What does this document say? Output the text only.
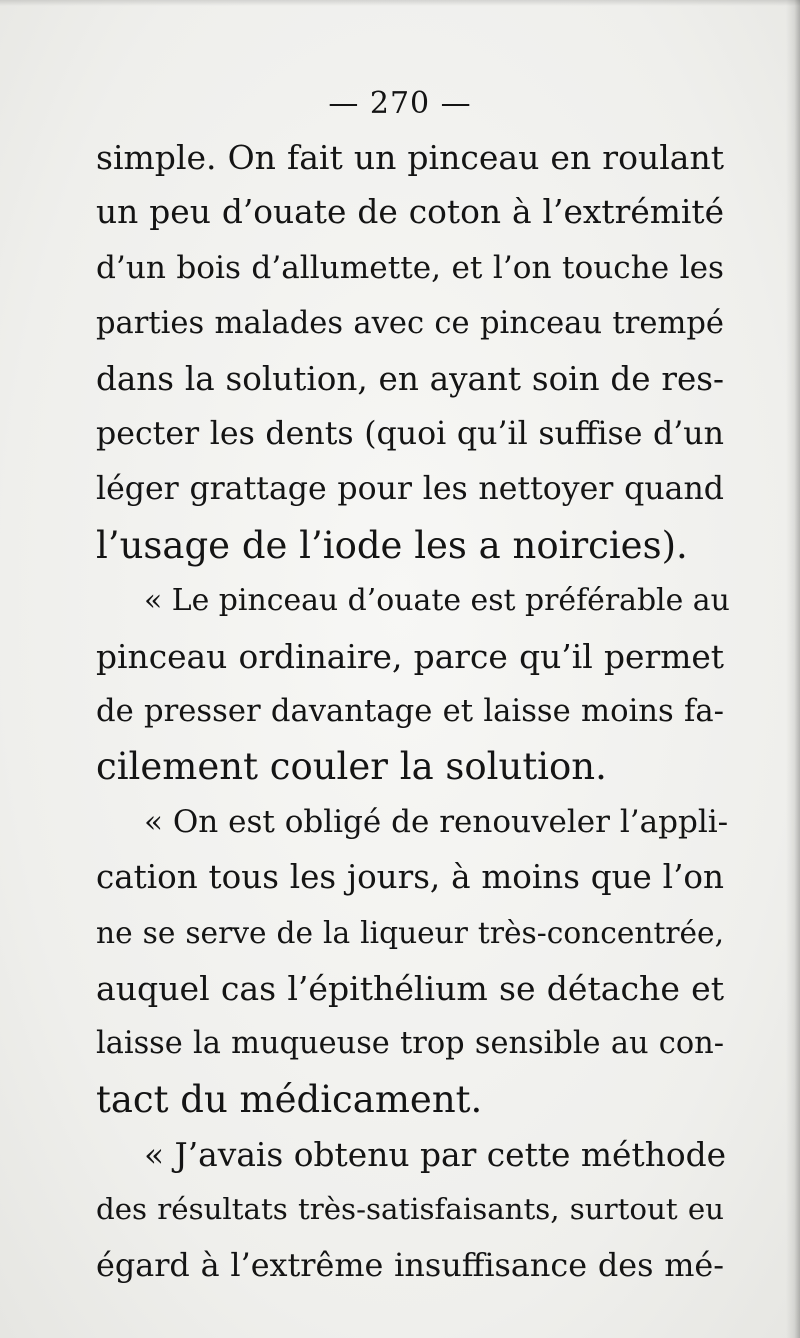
— 270 —
simple. On fait un pinceau en roulant
un peu d’ouate de coton à l’extrémité
d’un bois d’allumette, et l’on touche les
parties malades avec ce pinceau trempé
dans la solution, en ayant soin de res-
pecter les dents (quoi qu’il suffise d’un
léger grattage pour les nettoyer quand
l’usage de l’iode les a noircies).
« Le pinceau d’ouate est préférable au
pinceau ordinaire, parce qu’il permet
de presser davantage et laisse moins fa-
cilement couler la solution.
« On est obligé de renouveler l’appli-
cation tous les jours, à moins que l’on
ne se serve de la liqueur très-concentrée,
auquel cas l’épithélium se détache et
laisse la muqueuse trop sensible au con-
tact du médicament.
« J’avais obtenu par cette méthode
des résultats très-satisfaisants, surtout eu
égard à l’extrême insuffisance des mé-
